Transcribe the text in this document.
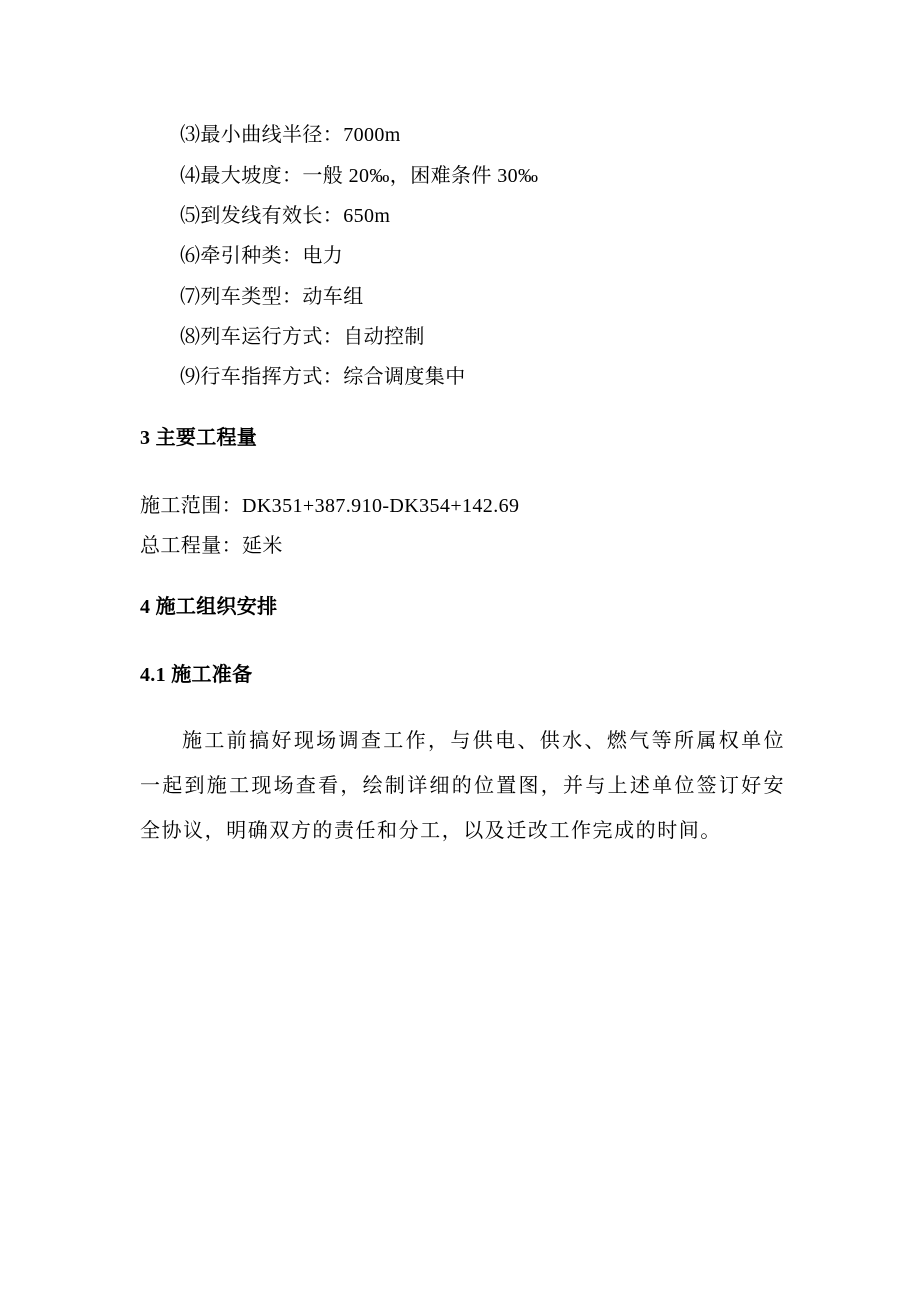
⑶最小曲线半径：7000m
⑷最大坡度：一般 20‰，困难条件 30‰
⑸到发线有效长：650m
⑹牵引种类：电力
⑺列车类型：动车组
⑻列车运行方式：自动控制
⑼行车指挥方式：综合调度集中
3 主要工程量
施工范围：DK351+387.910-DK354+142.69
总工程量：延米
4 施工组织安排
4.1 施工准备
施工前搞好现场调查工作，与供电、供水、燃气等所属权单位一起到施工现场查看，绘制详细的位置图，并与上述单位签订好安全协议，明确双方的责任和分工，以及迁改工作完成的时间。
